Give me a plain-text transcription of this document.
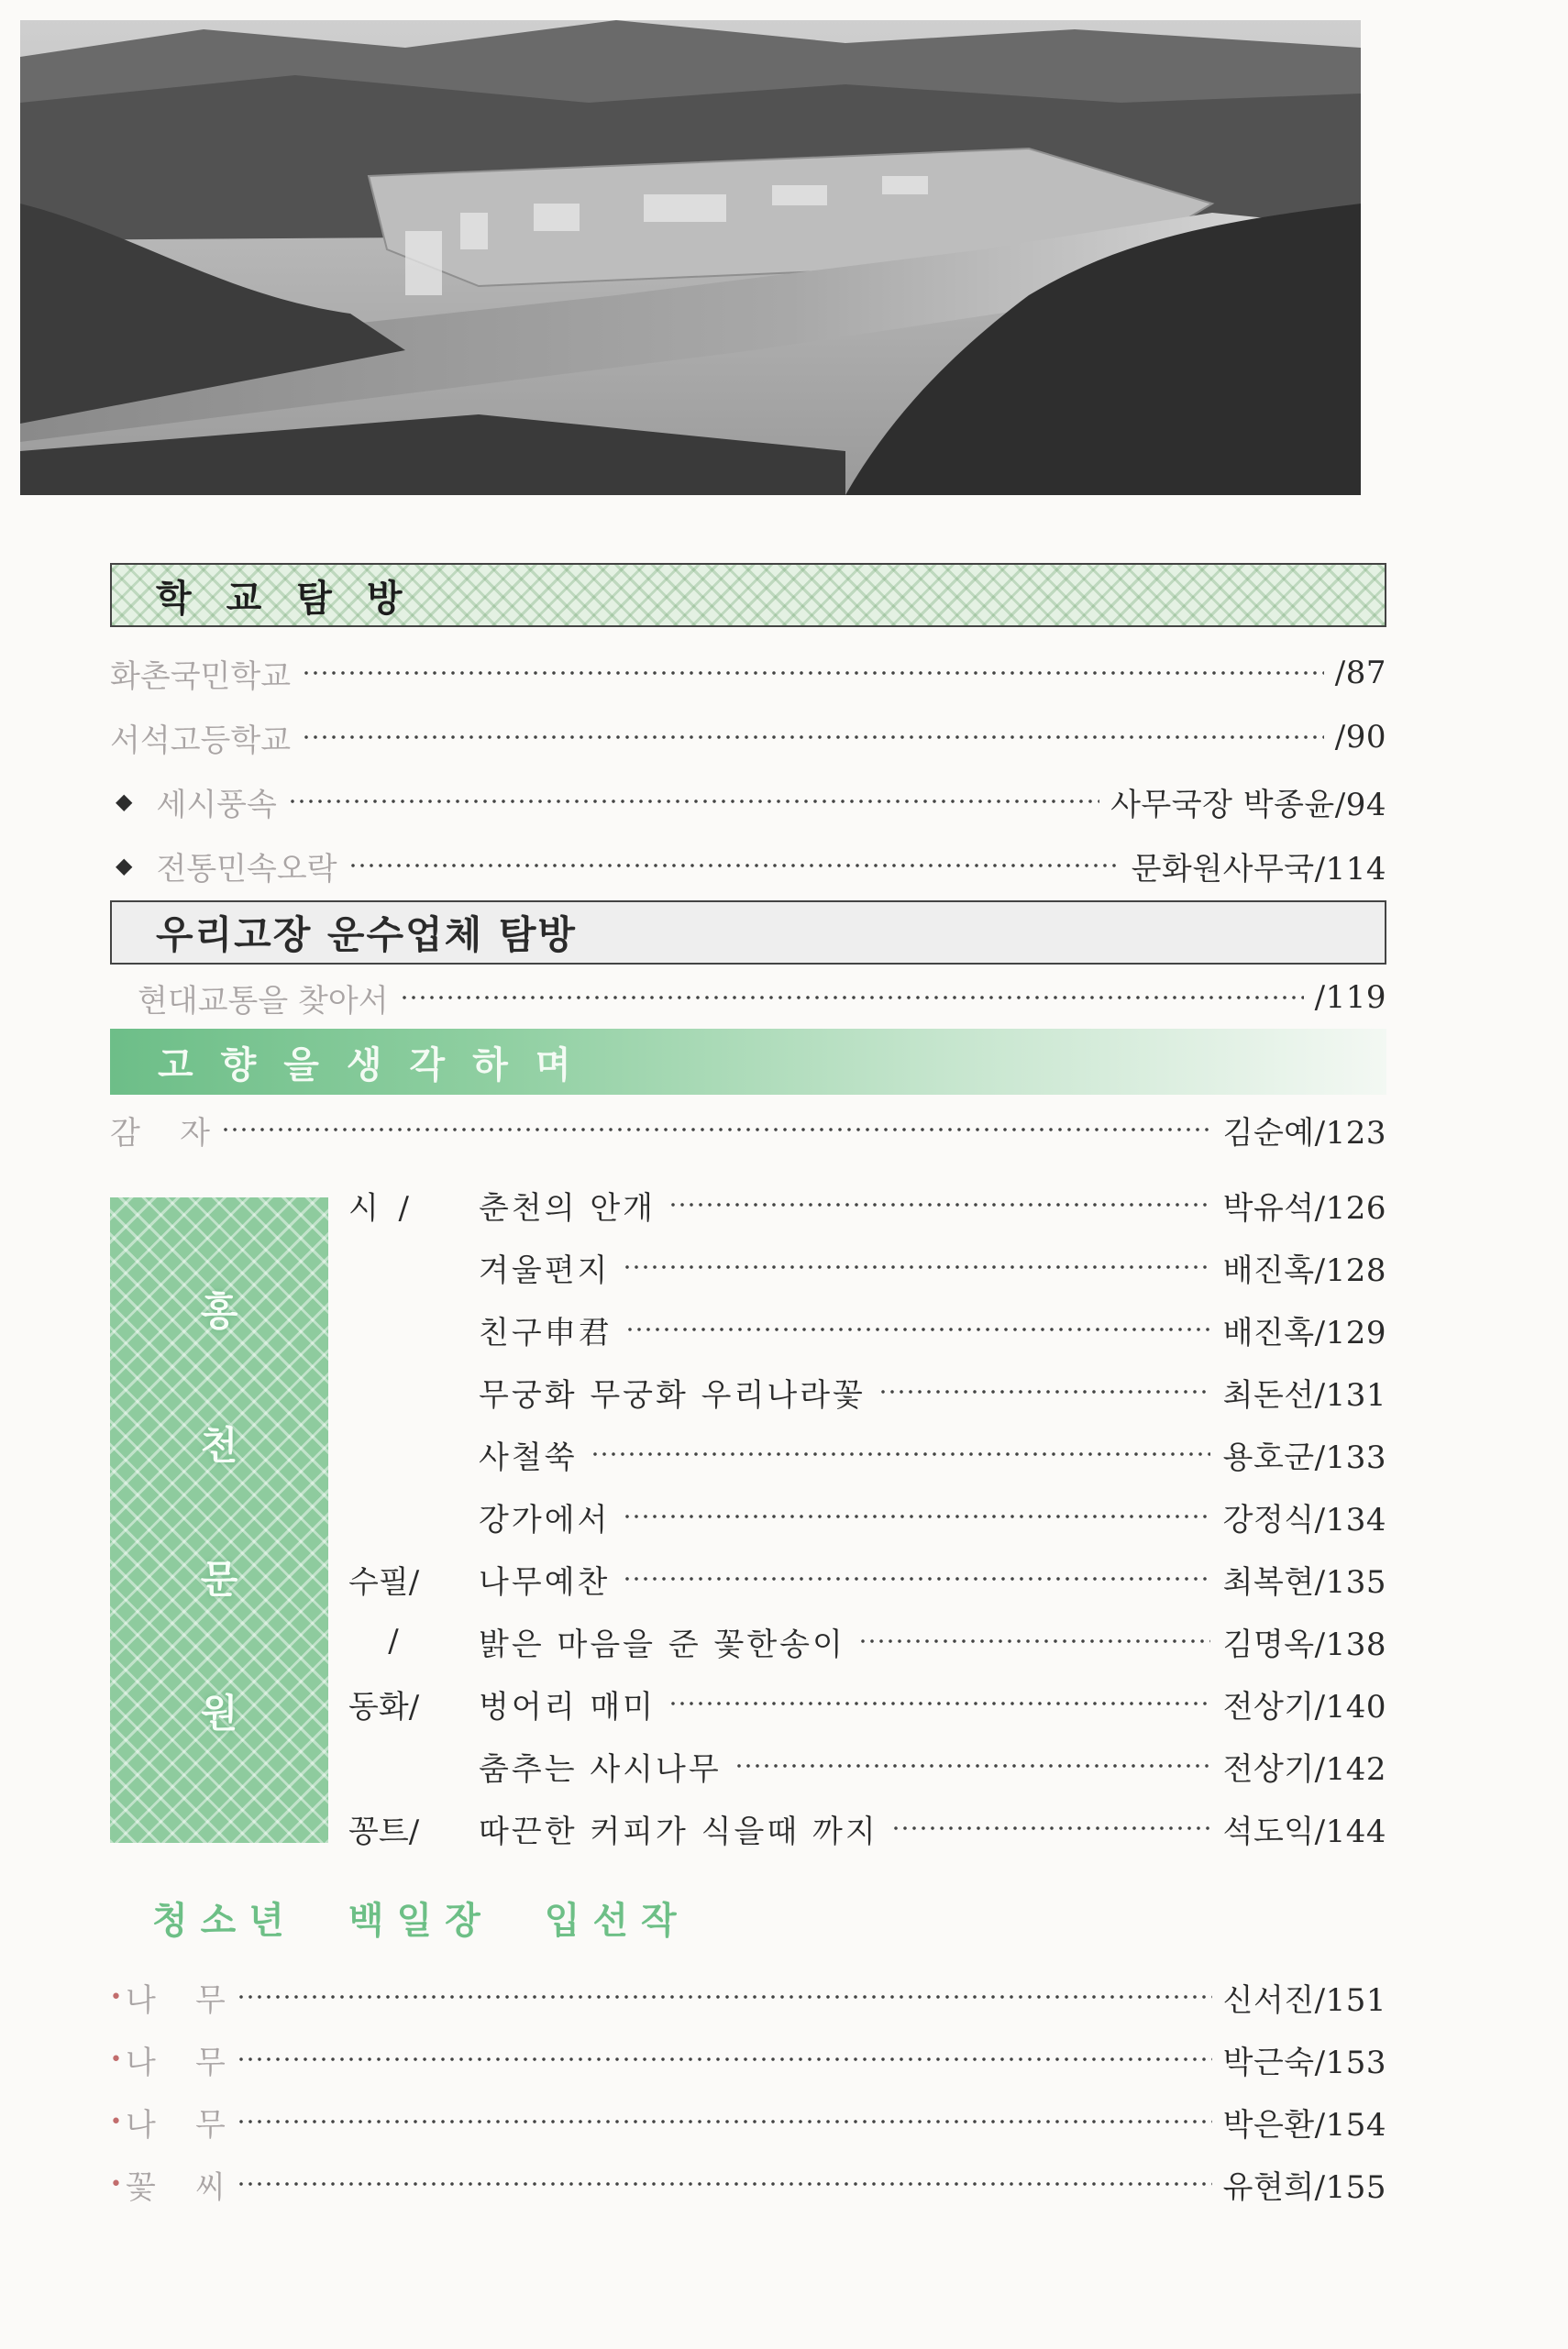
학교탐방
화촌국민학교	/87
서석고등학교	/90
◆ 세시풍속	사무국장 박종윤/94
◆ 전통민속오락	문화원사무국/114
우리고장 운수업체 탐방
현대교통을 찾아서	/119
고향을생각하며
감    자	김순예/123
홍
천
문
원
시  /	춘천의 안개	박유석/126
겨울편지	배진혹/128
친구申君	배진혹/129
무궁화 무궁화 우리나라꽃	최돈선/131
사철쑥	용호군/133
강가에서	강정식/134
수필/	나무예찬	최복현/135
/	밝은 마음을 준 꽃한송이	김명옥/138
동화/	벙어리 매미	전상기/140
춤추는 사시나무	전상기/142
꽁트/	따끈한 커피가 식을때 까지	석도익/144
청소년 백일장 입선작
• 나    무	신서진/151
• 나    무	박근숙/153
• 나    무	박은환/154
• 꽃    씨	유현희/155
